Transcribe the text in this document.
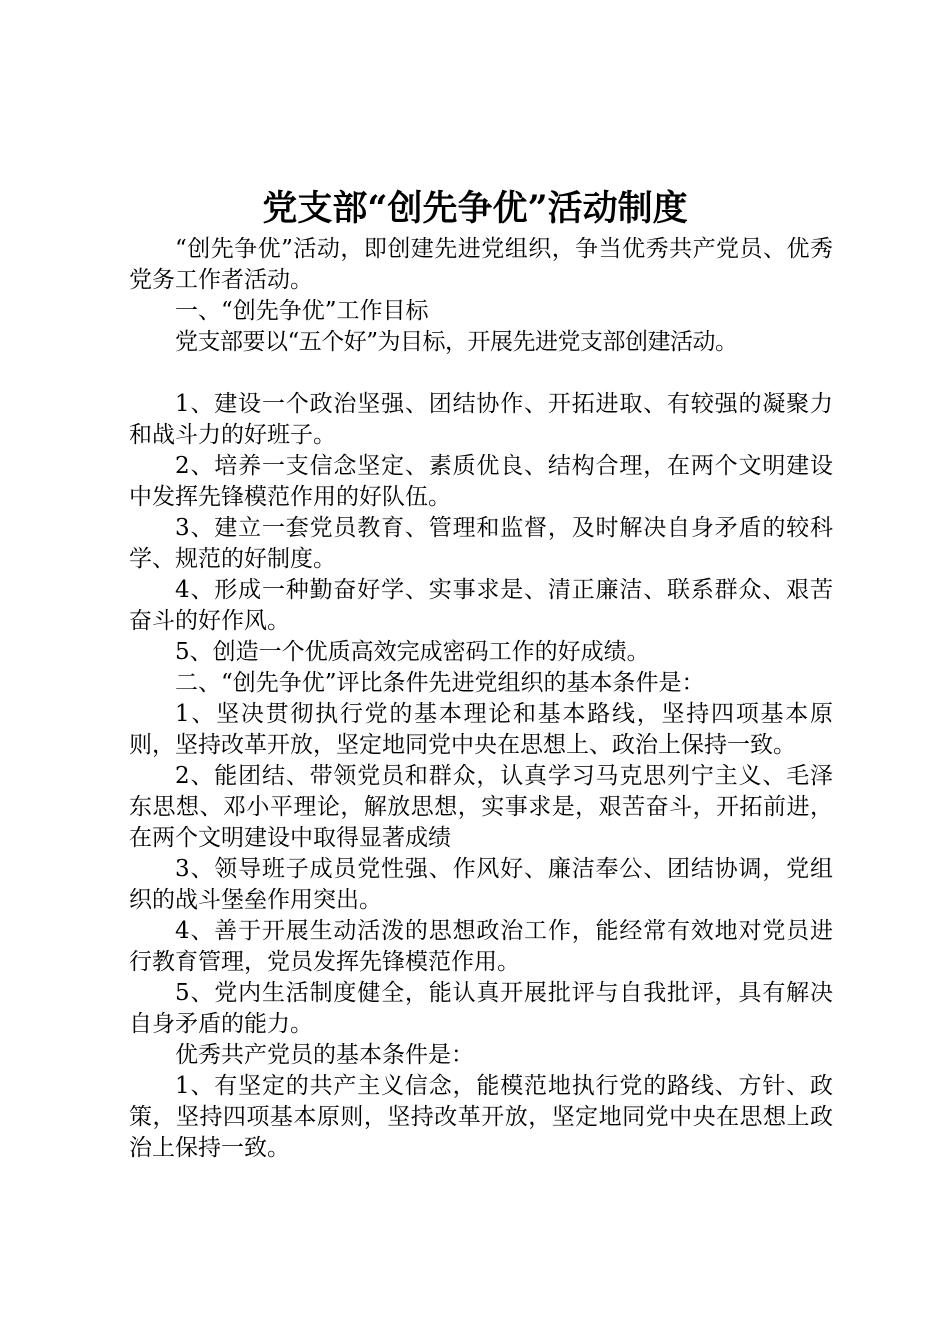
党支部“创先争优”活动制度

“创先争优”活动，即创建先进党组织，争当优秀共产党员、优秀党务工作者活动。

一、“创先争优”工作目标

党支部要以“五个好”为目标，开展先进党支部创建活动。

1、建设一个政治坚强、团结协作、开拓进取、有较强的凝聚力和战斗力的好班子。

2、培养一支信念坚定、素质优良、结构合理，在两个文明建设中发挥先锋模范作用的好队伍。

3、建立一套党员教育、管理和监督，及时解决自身矛盾的较科学、规范的好制度。

4、形成一种勤奋好学、实事求是、清正廉洁、联系群众、艰苦奋斗的好作风。

5、创造一个优质高效完成密码工作的好成绩。

二、“创先争优”评比条件先进党组织的基本条件是：

1、坚决贯彻执行党的基本理论和基本路线，坚持四项基本原则，坚持改革开放，坚定地同党中央在思想上、政治上保持一致。

2、能团结、带领党员和群众，认真学习马克思列宁主义、毛泽东思想、邓小平理论，解放思想，实事求是，艰苦奋斗，开拓前进，在两个文明建设中取得显著成绩

3、领导班子成员党性强、作风好、廉洁奉公、团结协调，党组织的战斗堡垒作用突出。

4、善于开展生动活泼的思想政治工作，能经常有效地对党员进行教育管理，党员发挥先锋模范作用。

5、党内生活制度健全，能认真开展批评与自我批评，具有解决自身矛盾的能力。

优秀共产党员的基本条件是：

1、有坚定的共产主义信念，能模范地执行党的路线、方针、政策，坚持四项基本原则，坚持改革开放，坚定地同党中央在思想上政治上保持一致。
